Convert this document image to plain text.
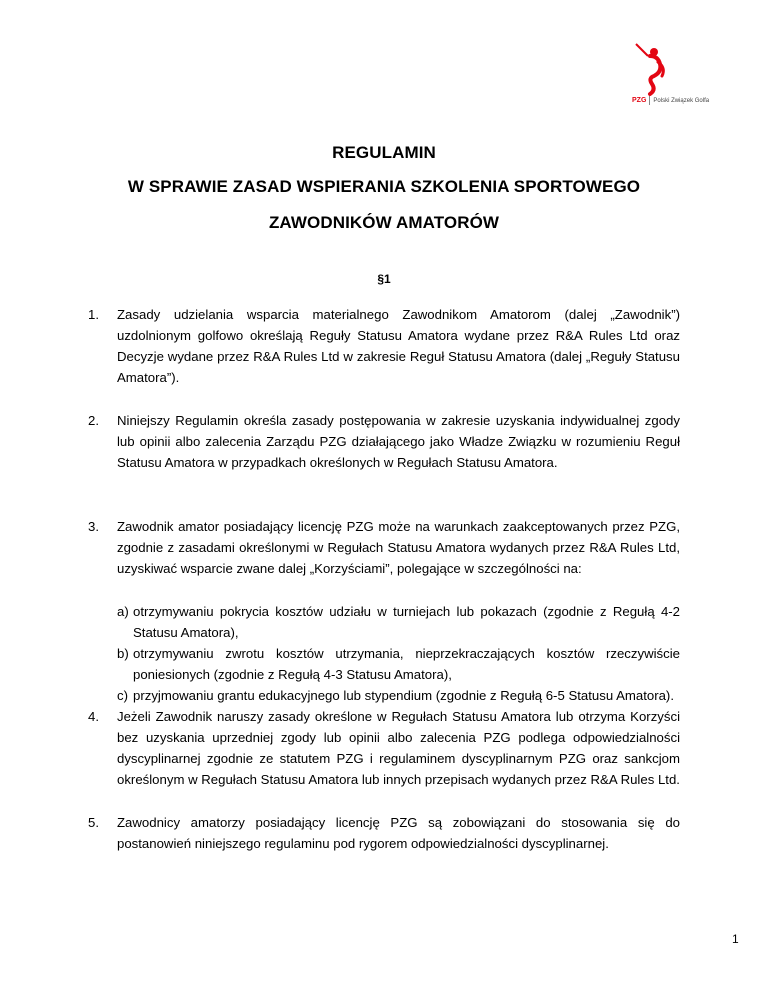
PZG Polski Związek Golfa
REGULAMIN
W SPRAWIE ZASAD WSPIERANIA SZKOLENIA SPORTOWEGO
ZAWODNIKÓW AMATORÓW
§1
1. Zasady udzielania wsparcia materialnego Zawodnikom Amatorom (dalej „Zawodnik”) uzdolnionym golfowo określają Reguły Statusu Amatora wydane przez R&A Rules Ltd oraz Decyzje wydane przez R&A Rules Ltd w zakresie Reguł Statusu Amatora (dalej „Reguły Statusu Amatora”).
2. Niniejszy Regulamin określa zasady postępowania w zakresie uzyskania indywidualnej zgody lub opinii albo zalecenia Zarządu PZG działającego jako Władze Związku w rozumieniu Reguł Statusu Amatora w przypadkach określonych w Regułach Statusu Amatora.
3. Zawodnik amator posiadający licencję PZG może na warunkach zaakceptowanych przez PZG, zgodnie z zasadami określonymi w Regułach Statusu Amatora wydanych przez R&A Rules Ltd, uzyskiwać wsparcie zwane dalej „Korzyściami”, polegające w szczególności na:
a) otrzymywaniu pokrycia kosztów udziału w turniejach lub pokazach (zgodnie z Regułą 4-2 Statusu Amatora),
b) otrzymywaniu zwrotu kosztów utrzymania, nieprzekraczających kosztów rzeczywiście poniesionych (zgodnie z Regułą 4-3 Statusu Amatora),
c) przyjmowaniu grantu edukacyjnego lub stypendium (zgodnie z Regułą 6-5 Statusu Amatora).
4. Jeżeli Zawodnik naruszy zasady określone w Regułach Statusu Amatora lub otrzyma Korzyści bez uzyskania uprzedniej zgody lub opinii albo zalecenia PZG podlega odpowiedzialności dyscyplinarnej zgodnie ze statutem PZG i regulaminem dyscyplinarnym PZG oraz sankcjom określonym w Regułach Statusu Amatora lub innych przepisach wydanych przez R&A Rules Ltd.
5. Zawodnicy amatorzy posiadający licencję PZG są zobowiązani do stosowania się do postanowień niniejszego regulaminu pod rygorem odpowiedzialności dyscyplinarnej.
1
